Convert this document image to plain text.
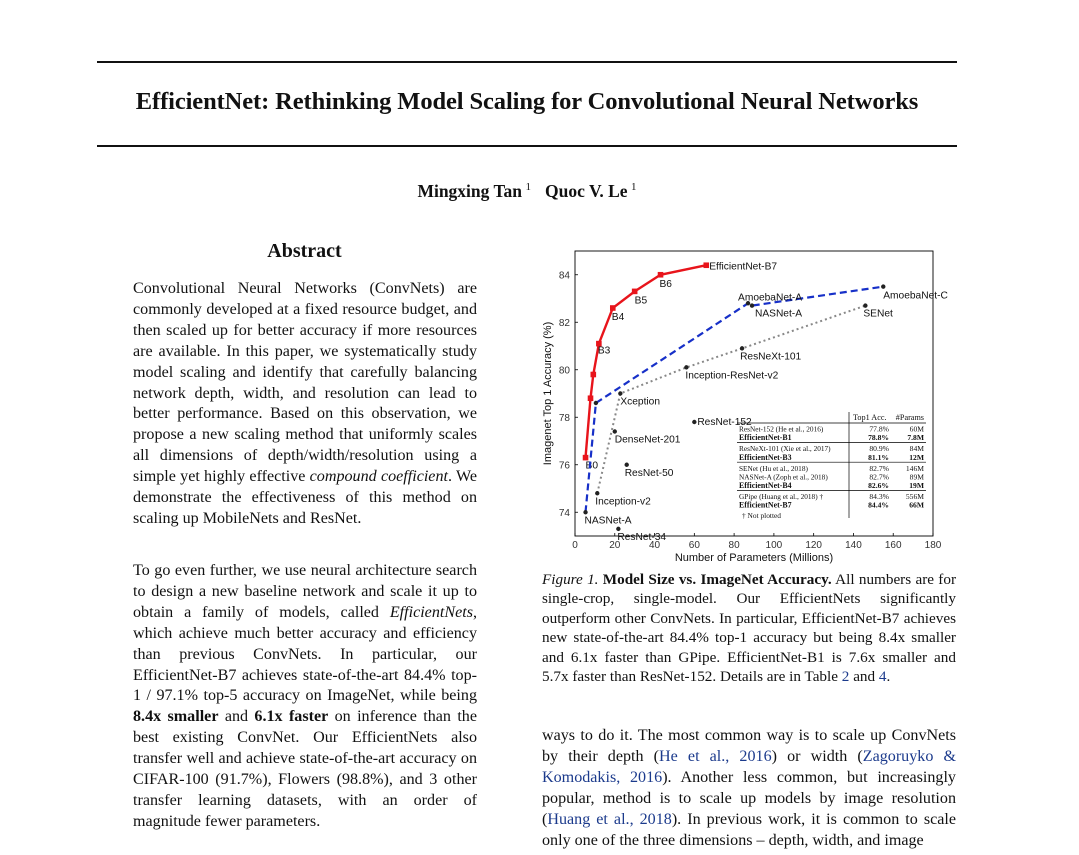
EfficientNet: Rethinking Model Scaling for Convolutional Neural Networks
Mingxing Tan  $^1$ Quoc V. Le  $^1$
Abstract
Convolutional Neural Networks (ConvNets) are commonly developed at a fixed resource budget, and then scaled up for better accuracy if more resources are available. In this paper, we systematically study model scaling and identify that carefully balancing network depth, width, and resolution can lead to better performance. Based on this observation, we propose a new scaling method that uniformly scales all dimensions of depth/width/resolution using a simple yet highly effective compound coefficient. We demonstrate the effectiveness of this method on scaling up MobileNets and ResNet.
To go even further, we use neural architecture search to design a new baseline network and scale it up to obtain a family of models, called EfficientNets, which achieve much better accuracy and efficiency than previous ConvNets. In particular, our EfficientNet-B7 achieves state-of-the-art 84.4% top-1 / 97.1% top-5 accuracy on ImageNet, while being 8.4x smaller and 6.1x faster on inference than the best existing ConvNet. Our EfficientNets also transfer well and achieve state-of-the-art accuracy on CIFAR-100 (91.7%), Flowers (98.8%), and 3 other transfer learning datasets, with an order of magnitude fewer parameters.
0	20	40	60	80	100 120 140 160 180
74
76
78
80
82
84
Number of Parameters (Millions)
Imagenet Top 1 Accuracy (%)
B0
B3
B4
B5
B6
EfficientNet-B7
NASNet-A
AmoebaNet-A
NASNet-A
AmoebaNet-C
Inception-v2
Xception
Inception-ResNet-v2
ResNeXt-101
SENet
DenseNet-201
ResNet-50
ResNet-152
ResNet-34
Top1 Acc. #Params
ResNet-152 (He et al., 2016)	77.8%	60M
EfficientNet-B1	78.8% 7.8M
ResNeXt-101 (Xie et al., 2017)	80.9%	84M
EfficientNet-B3	81.1%	12M
SENet (Hu et al., 2018)	82.7% 146M
NASNet-A (Zoph et al., 2018)	82.7%	89M
EfficientNet-B4	82.6%	19M
GPipe (Huang et al., 2018) †	84.3% 556M
EfficientNet-B7	84.4%	66M
† Not plotted
Figure 1. Model Size vs. ImageNet Accuracy. All numbers are for single-crop, single-model. Our EfficientNets significantly outperform other ConvNets. In particular, EfficientNet-B7 achieves new state-of-the-art 84.4% top-1 accuracy but being 8.4x smaller and 6.1x faster than GPipe. EfficientNet-B1 is 7.6x smaller and 5.7x faster than ResNet-152. Details are in Table 2 and 4.
ways to do it. The most common way is to scale up ConvNets by their depth (He et al., 2016) or width (Zagoruyko & Komodakis, 2016). Another less common, but increasingly popular, method is to scale up models by image resolution (Huang et al., 2018). In previous work, it is common to scale only one of the three dimensions – depth, width, and image
